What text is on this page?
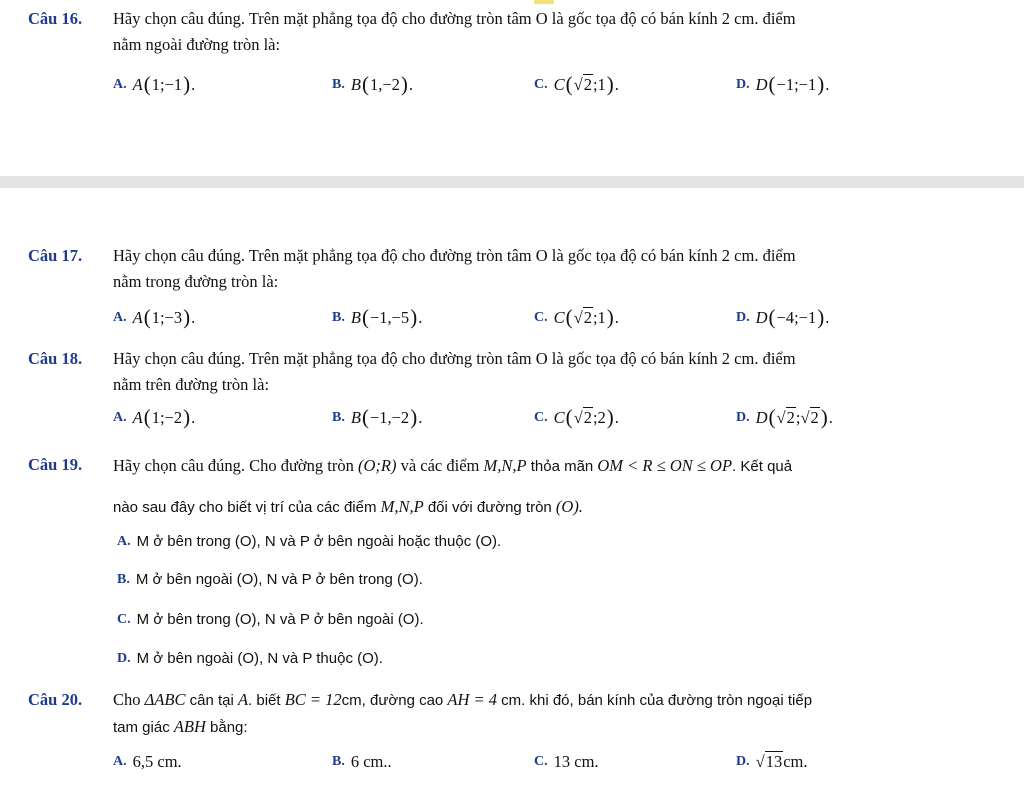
Câu 16. Hãy chọn câu đúng. Trên mặt phẳng tọa độ cho đường tròn tâm O là gốc tọa độ có bán kính 2 cm. điểm
nằm ngoài đường tròn là:
A. A ( 1;−1 ) .	B. B ( 1,−2 ) .	C. C ( √2 ;1 ) .	D. D ( −1;−1 ) .
Câu 17. Hãy chọn câu đúng. Trên mặt phẳng tọa độ cho đường tròn tâm O là gốc tọa độ có bán kính 2 cm. điểm
nằm trong đường tròn là:
A. A ( 1;−3 ) .	B. B ( −1,−5 ) .	C. C ( √2 ;1 ) .	D. D ( −4;−1 ) .
Câu 18. Hãy chọn câu đúng. Trên mặt phẳng tọa độ cho đường tròn tâm O là gốc tọa độ có bán kính 2 cm. điểm
nằm trên đường tròn là:
A. A ( 1;−2 ) .	B. B ( −1,−2 ) .	C. C ( √2 ;2 ) .	D. D ( √2 ; √2 ) .
Câu 19. Hãy chọn câu đúng. Cho đường tròn (O;R) và các điểm M,N,P thỏa mãn OM < R ≤ ON ≤ OP. Kết quả
nào sau đây cho biết vị trí của các điểm M,N,P đối với đường tròn (O).
A. M ở bên trong (O), N và P ở bên ngoài hoặc thuộc (O).
B. M ở bên ngoài (O), N và P ở bên trong (O).
C. M ở bên trong (O), N và P ở bên ngoài (O).
D. M ở bên ngoài (O), N và P thuộc (O).
Câu 20. Cho ΔABC cân tại A. biết BC = 12cm, đường cao AH = 4 cm. khi đó, bán kính của đường tròn ngoại tiếp
tam giác ABH bằng:
A. 6,5 cm.	B. 6 cm..	C. 13 cm.	D. √13 cm.
